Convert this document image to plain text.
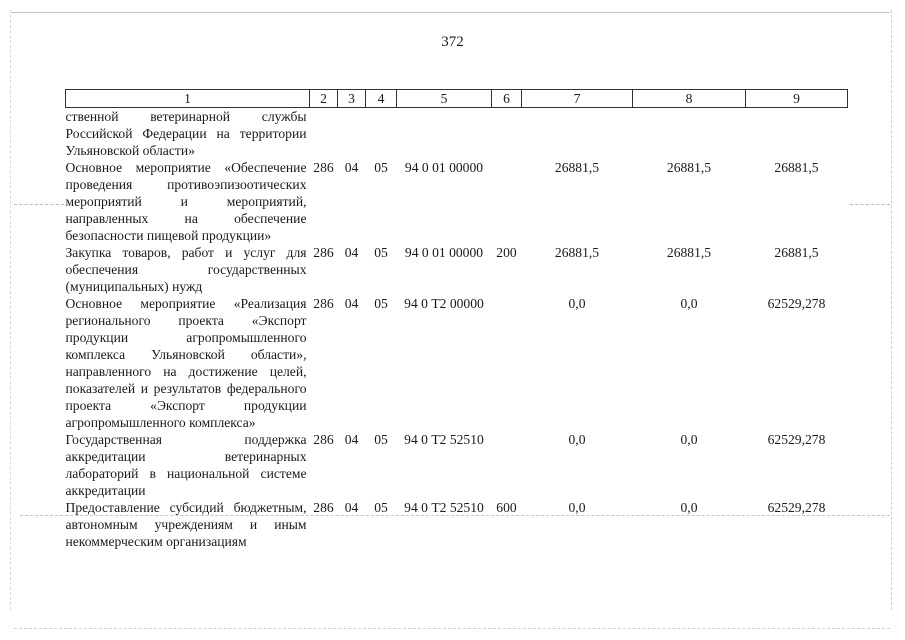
372
1	2	3	4	5	6	7	8	9
ственной ветеринарной службы Российской Федерации на территории Ульяновской области»								
Основное мероприятие «Обеспечение проведения противоэпизоотических мероприятий и мероприятий, направленных на обеспечение безопасности пищевой продукции»	286	04	05	94 0 01 00000		26881,5	26881,5	26881,5
Закупка товаров, работ и услуг для обеспечения государственных (муниципальных) нужд	286	04	05	94 0 01 00000	200	26881,5	26881,5	26881,5
Основное мероприятие «Реализация регионального проекта «Экспорт продукции агропромышленного комплекса Ульяновской области», направленного на достижение целей, показателей и результатов федерального проекта «Экспорт продукции агропромышленного комплекса»	286	04	05	94 0 Т2 00000		0,0	0,0	62529,278
Государственная поддержка аккредитации ветеринарных лабораторий в национальной системе аккредитации	286	04	05	94 0 Т2 52510		0,0	0,0	62529,278
Предоставление субсидий бюджетным, автономным учреждениям и иным некоммерческим организациям	286	04	05	94 0 Т2 52510	600	0,0	0,0	62529,278
